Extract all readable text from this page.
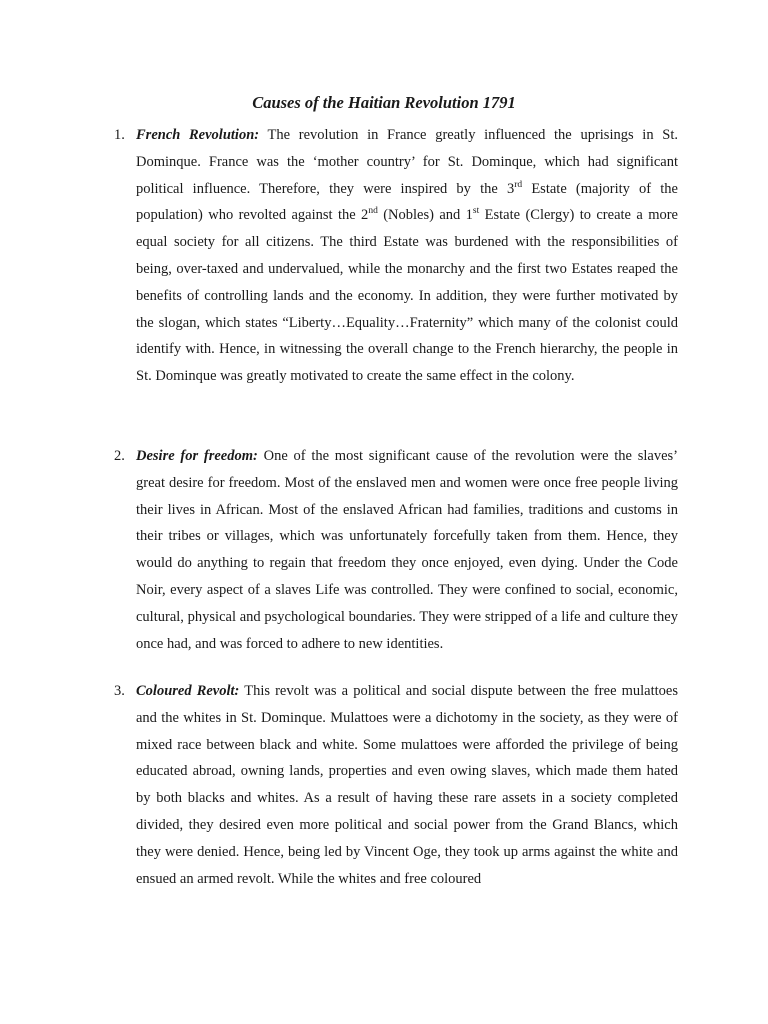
Causes of the Haitian Revolution 1791
1. French Revolution: The revolution in France greatly influenced the uprisings in St. Dominque. France was the ‘mother country’ for St. Dominque, which had significant political influence. Therefore, they were inspired by the 3rd Estate (majority of the population) who revolted against the 2nd (Nobles) and 1st Estate (Clergy) to create a more equal society for all citizens. The third Estate was burdened with the responsibilities of being, over-taxed and undervalued, while the monarchy and the first two Estates reaped the benefits of controlling lands and the economy. In addition, they were further motivated by the slogan, which states “Liberty…Equality…Fraternity” which many of the colonist could identify with. Hence, in witnessing the overall change to the French hierarchy, the people in St. Dominque was greatly motivated to create the same effect in the colony.

2. Desire for freedom: One of the most significant cause of the revolution were the slaves’ great desire for freedom. Most of the enslaved men and women were once free people living their lives in African. Most of the enslaved African had families, traditions and customs in their tribes or villages, which was unfortunately forcefully taken from them. Hence, they would do anything to regain that freedom they once enjoyed, even dying. Under the Code Noir, every aspect of a slaves Life was controlled. They were confined to social, economic, cultural, physical and psychological boundaries. They were stripped of a life and culture they once had, and was forced to adhere to new identities.

3. Coloured Revolt: This revolt was a political and social dispute between the free mulattoes and the whites in St. Dominque. Mulattoes were a dichotomy in the society, as they were of mixed race between black and white. Some mulattoes were afforded the privilege of being educated abroad, owning lands, properties and even owing slaves, which made them hated by both blacks and whites. As a result of having these rare assets in a society completed divided, they desired even more political and social power from the Grand Blancs, which they were denied. Hence, being led by Vincent Oge, they took up arms against the white and ensued an armed revolt. While the whites and free coloured
